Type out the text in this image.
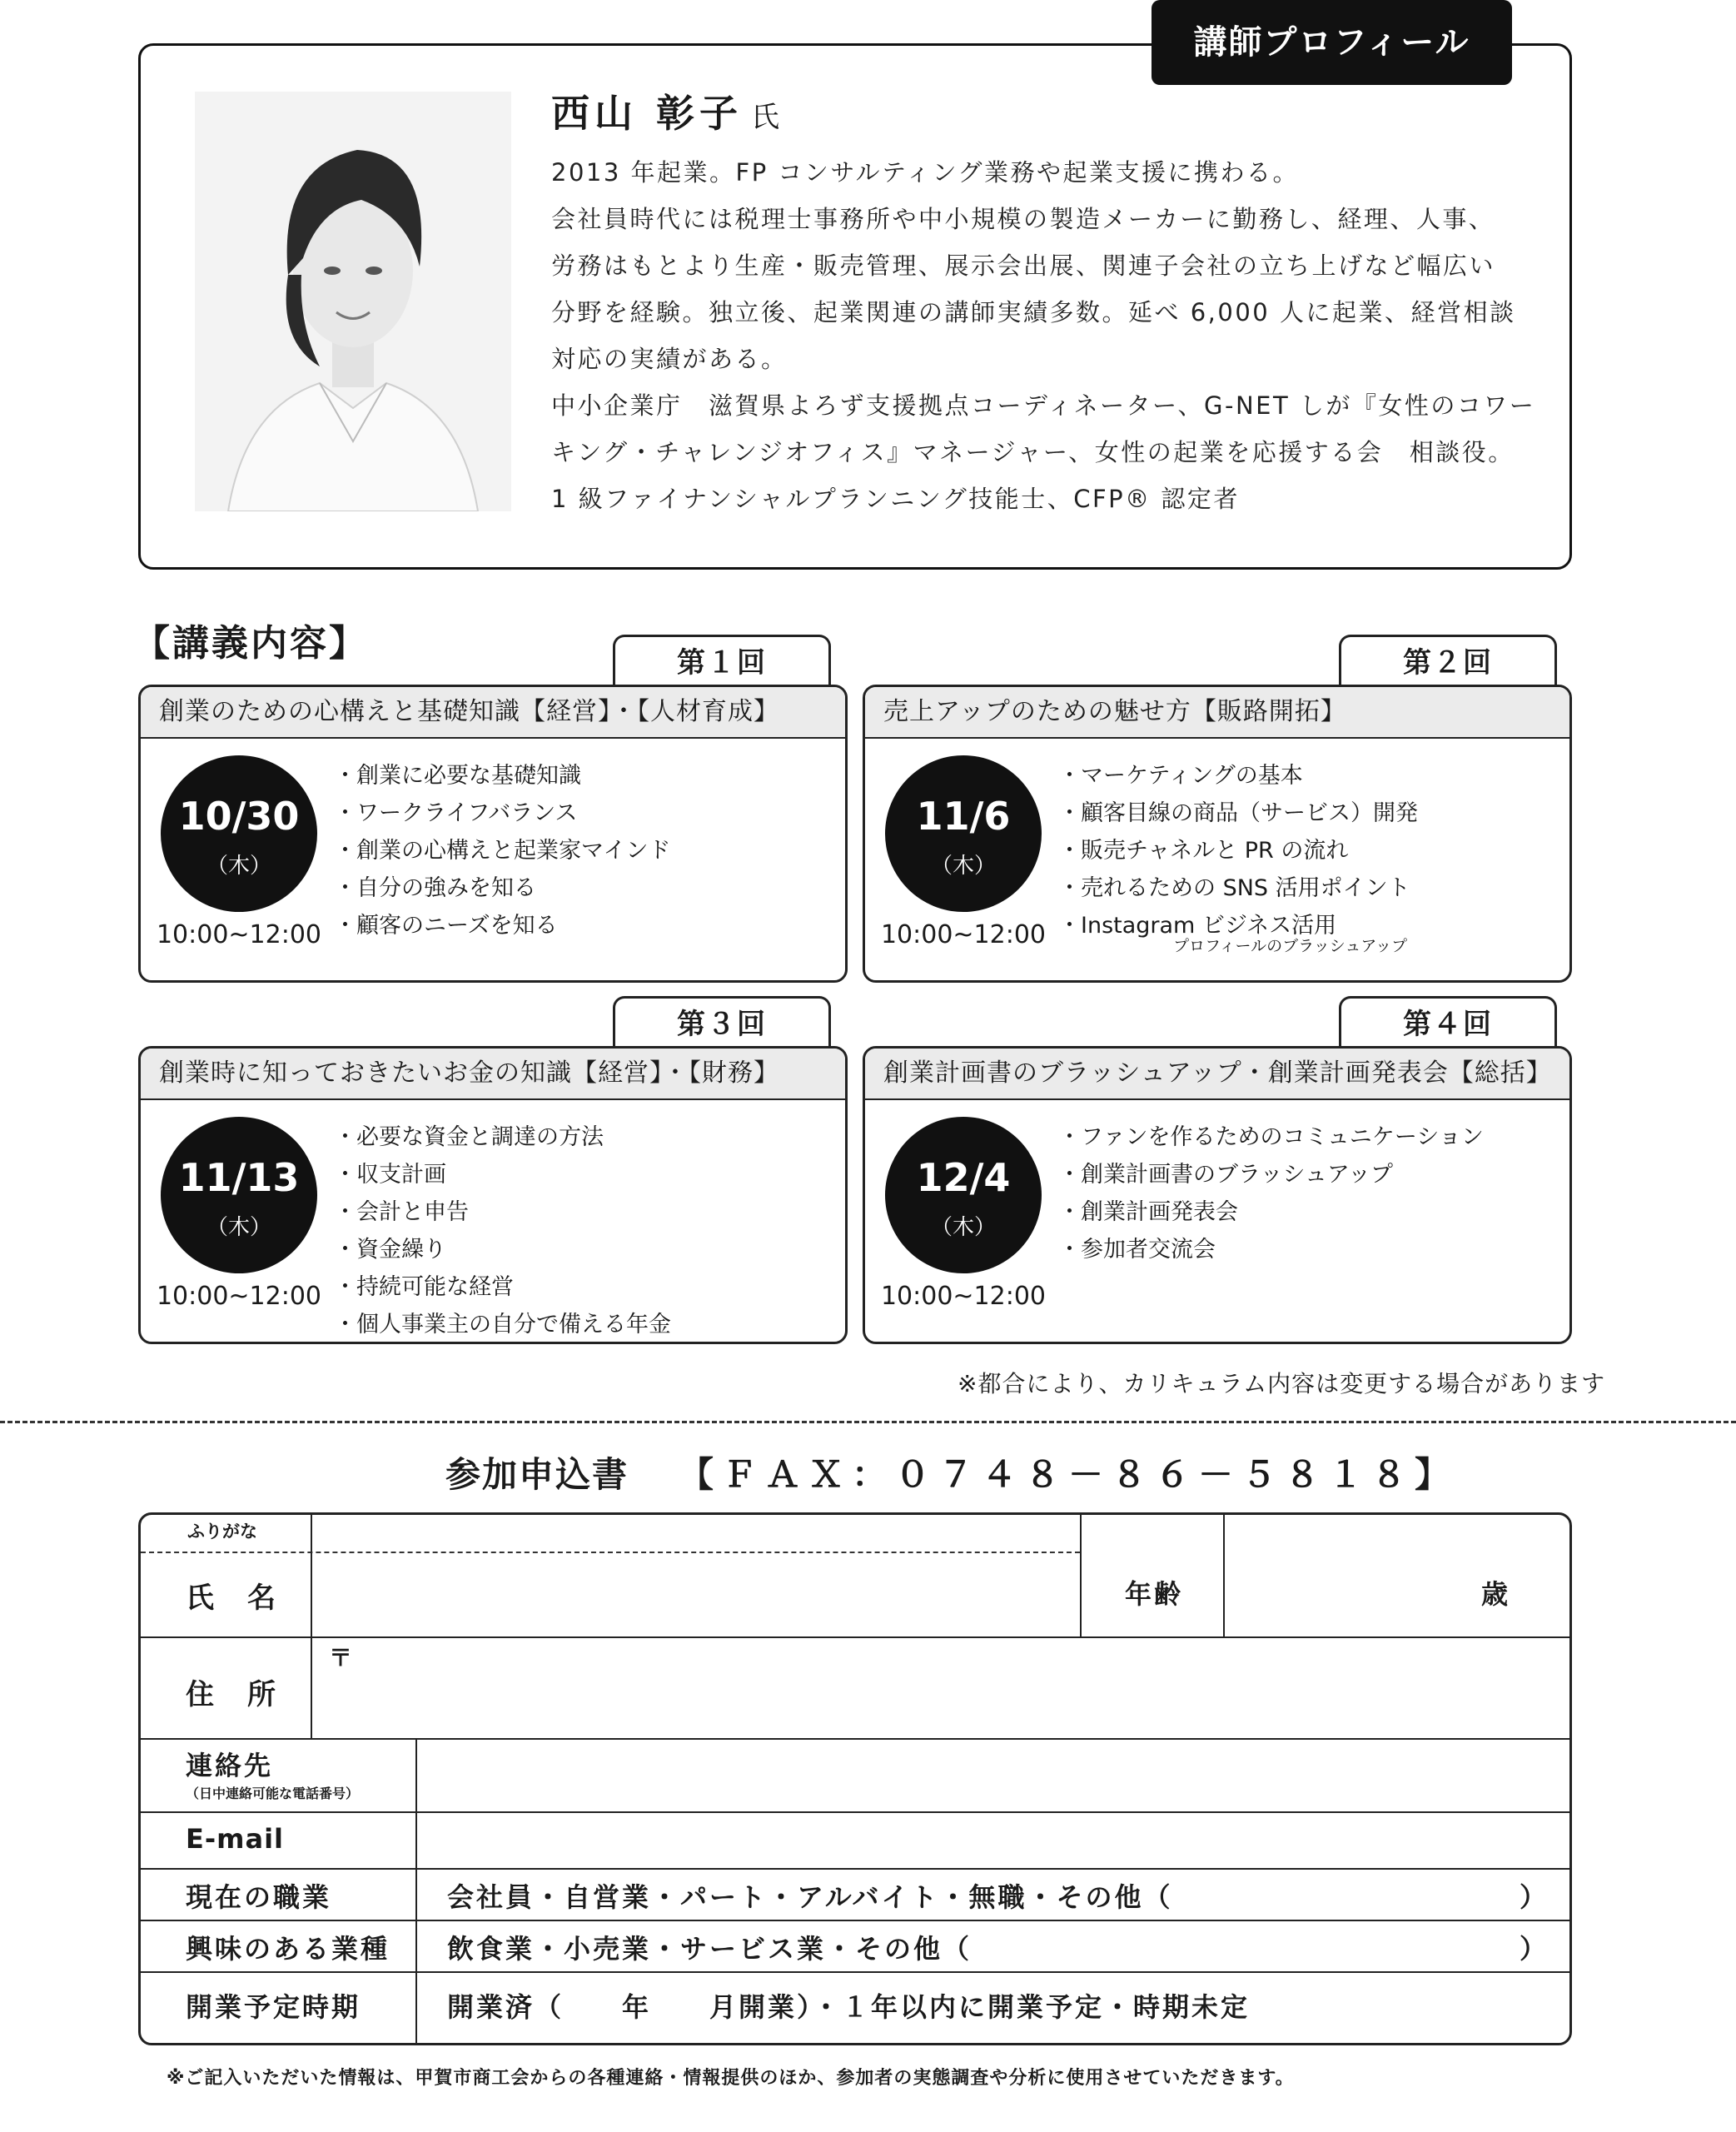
講師プロフィール
西山 彰子 氏
2013 年起業。FP コンサルティング業務や起業支援に携わる。
会社員時代には税理士事務所や中小規模の製造メーカーに勤務し、経理、人事、
労務はもとより生産・販売管理、展示会出展、関連子会社の立ち上げなど幅広い
分野を経験。独立後、起業関連の講師実績多数。延べ 6,000 人に起業、経営相談
対応の実績がある。
中小企業庁　滋賀県よろず支援拠点コーディネーター、G-NET しが『女性のコワー
キング・チャレンジオフィス』マネージャー、女性の起業を応援する会　相談役。
1 級ファイナンシャルプランニング技能士、CFP® 認定者
【講義内容】	第１回
創業のための心構えと基礎知識【経営】・【人材育成】
10/30
（木）
10:00~12:00
・創業に必要な基礎知識
・ワークライフバランス
・創業の心構えと起業家マインド
・自分の強みを知る
・顧客のニーズを知る
第２回
売上アップのための魅せ方【販路開拓】
11/6
（木）
10:00~12:00
・マーケティングの基本
・顧客目線の商品（サービス）開発
・販売チャネルと PR の流れ
・売れるための SNS 活用ポイント
・Instagram ビジネス活用
プロフィールのブラッシュアップ
第３回
創業時に知っておきたいお金の知識【経営】・【財務】
11/13
（木）
10:00~12:00
・必要な資金と調達の方法
・収支計画
・会計と申告
・資金繰り
・持続可能な経営
・個人事業主の自分で備える年金
第４回
創業計画書のブラッシュアップ・創業計画発表会【総括】
12/4
（木）
10:00~12:00
・ファンを作るためのコミュニケーション
・創業計画書のブラッシュアップ
・創業計画発表会
・参加者交流会
※都合により、カリキュラム内容は変更する場合があります
参加申込書 【ＦＡＸ：０７４８－８６－５８１８】
ふりがな
氏　名	年齢	歳
住　所
〒
連絡先
（日中連絡可能な電話番号）
E-mail
現在の職業	会社員・自営業・パート・アルバイト・無職・その他（	）
興味のある業種 飲食業・小売業・サービス業・その他（	）
開業予定時期	開業済（　　年　　月開業）・１年以内に開業予定・時期未定
※ご記入いただいた情報は、甲賀市商工会からの各種連絡・情報提供のほか、参加者の実態調査や分析に使用させていただきます。
